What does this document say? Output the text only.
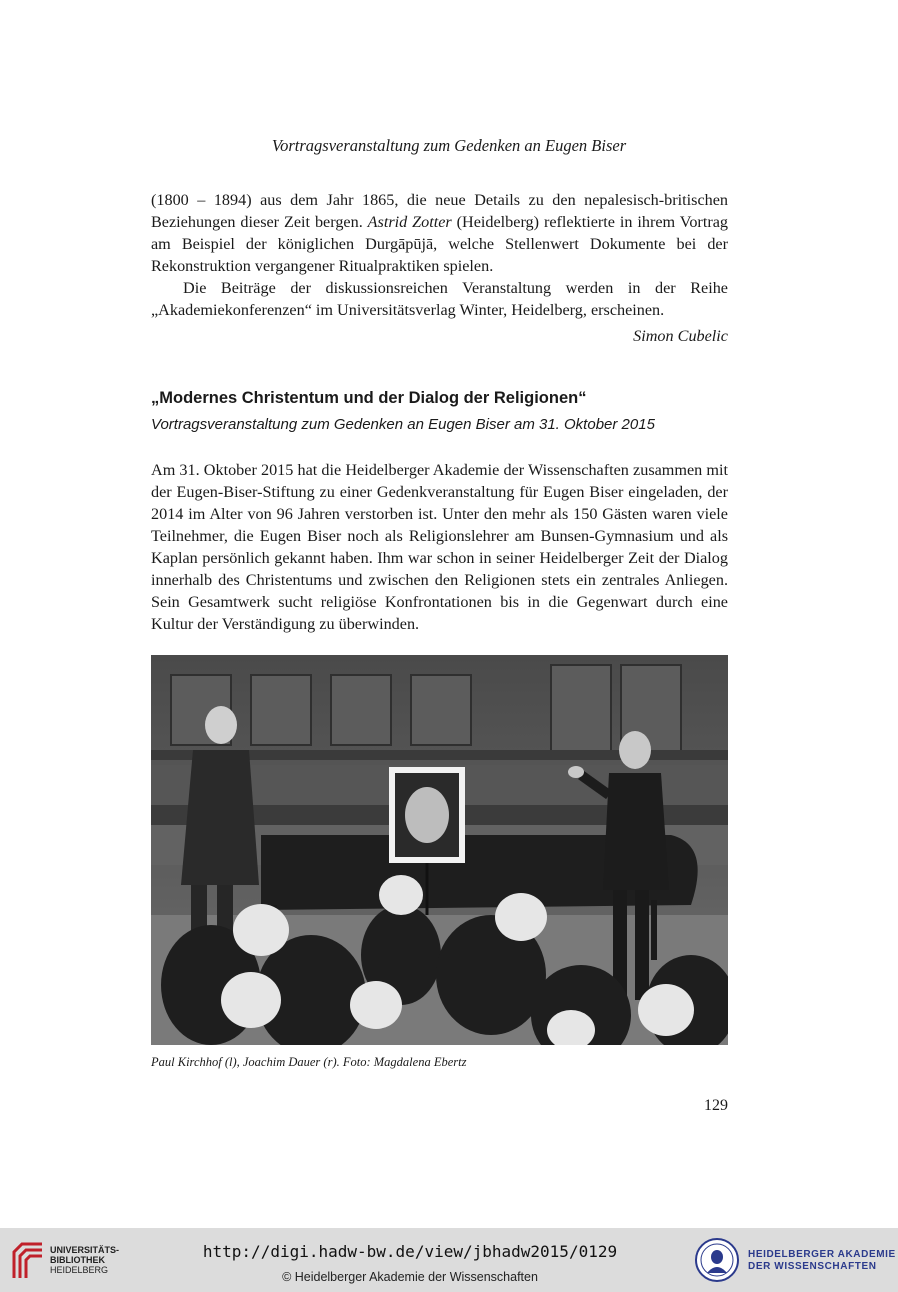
Vortragsveranstaltung zum Gedenken an Eugen Biser

(1800 – 1894) aus dem Jahr 1865, die neue Details zu den nepalesisch-britischen Beziehungen dieser Zeit bergen. Astrid Zotter (Heidelberg) reflektierte in ihrem Vortrag am Beispiel der königlichen Durgāpūjā, welche Stellenwert Dokumente bei der Rekonstruktion vergangener Ritualpraktiken spielen.

Die Beiträge der diskussionsreichen Veranstaltung werden in der Reihe „Akademiekonferenzen“ im Universitätsverlag Winter, Heidelberg, erscheinen.

Simon Cubelic

„Modernes Christentum und der Dialog der Religionen“
Vortragsveranstaltung zum Gedenken an Eugen Biser am 31. Oktober 2015

Am 31. Oktober 2015 hat die Heidelberger Akademie der Wissenschaften zusammen mit der Eugen-Biser-Stiftung zu einer Gedenkveranstaltung für Eugen Biser eingeladen, der 2014 im Alter von 96 Jahren verstorben ist. Unter den mehr als 150 Gästen waren viele Teilnehmer, die Eugen Biser noch als Religionslehrer am Bunsen-Gymnasium und als Kaplan persönlich gekannt haben. Ihm war schon in seiner Heidelberger Zeit der Dialog innerhalb des Christentums und zwischen den Religionen stets ein zentrales Anliegen. Sein Gesamtwerk sucht religiöse Konfrontationen bis in die Gegenwart durch eine Kultur der Verständigung zu überwinden.

Paul Kirchhof (l), Joachim Dauer (r). Foto: Magdalena Ebertz
129
UNIVERSITÄTS-
BIBLIOTHEK
HEIDELBERG
http://digi.hadw-bw.de/view/jbhadw2015/0129
© Heidelberger Akademie der Wissenschaften
HEIDELBERGER AKADEMIE
DER WISSENSCHAFTEN
